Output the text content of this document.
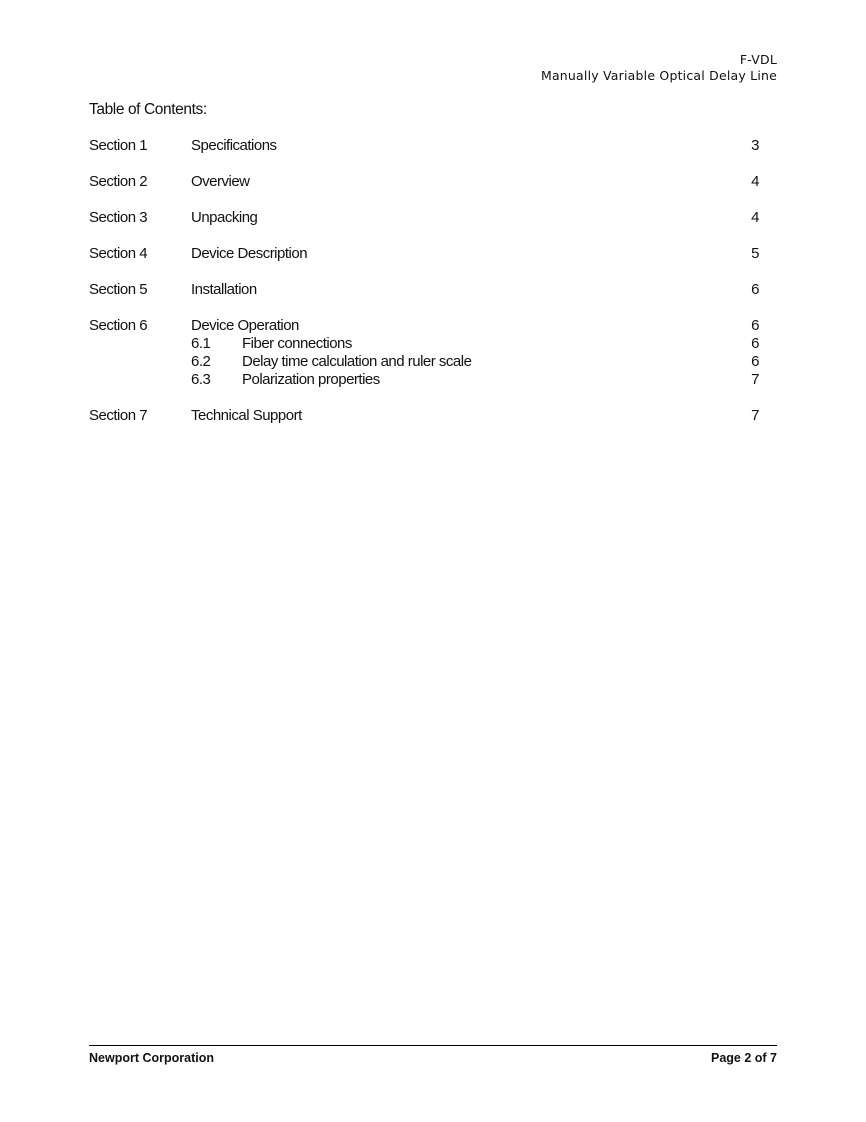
F-VDL
Manually Variable Optical Delay Line
Table of Contents:
Section 1	Specifications	3
Section 2	Overview	4
Section 3	Unpacking	4
Section 4	Device Description	5
Section 5	Installation	6
Section 6	Device Operation	6
6.1 Fiber connections	6
6.2 Delay time calculation and ruler scale	6
6.3 Polarization properties	7
Section 7	Technical Support	7
Newport Corporation	Page 2 of 7
